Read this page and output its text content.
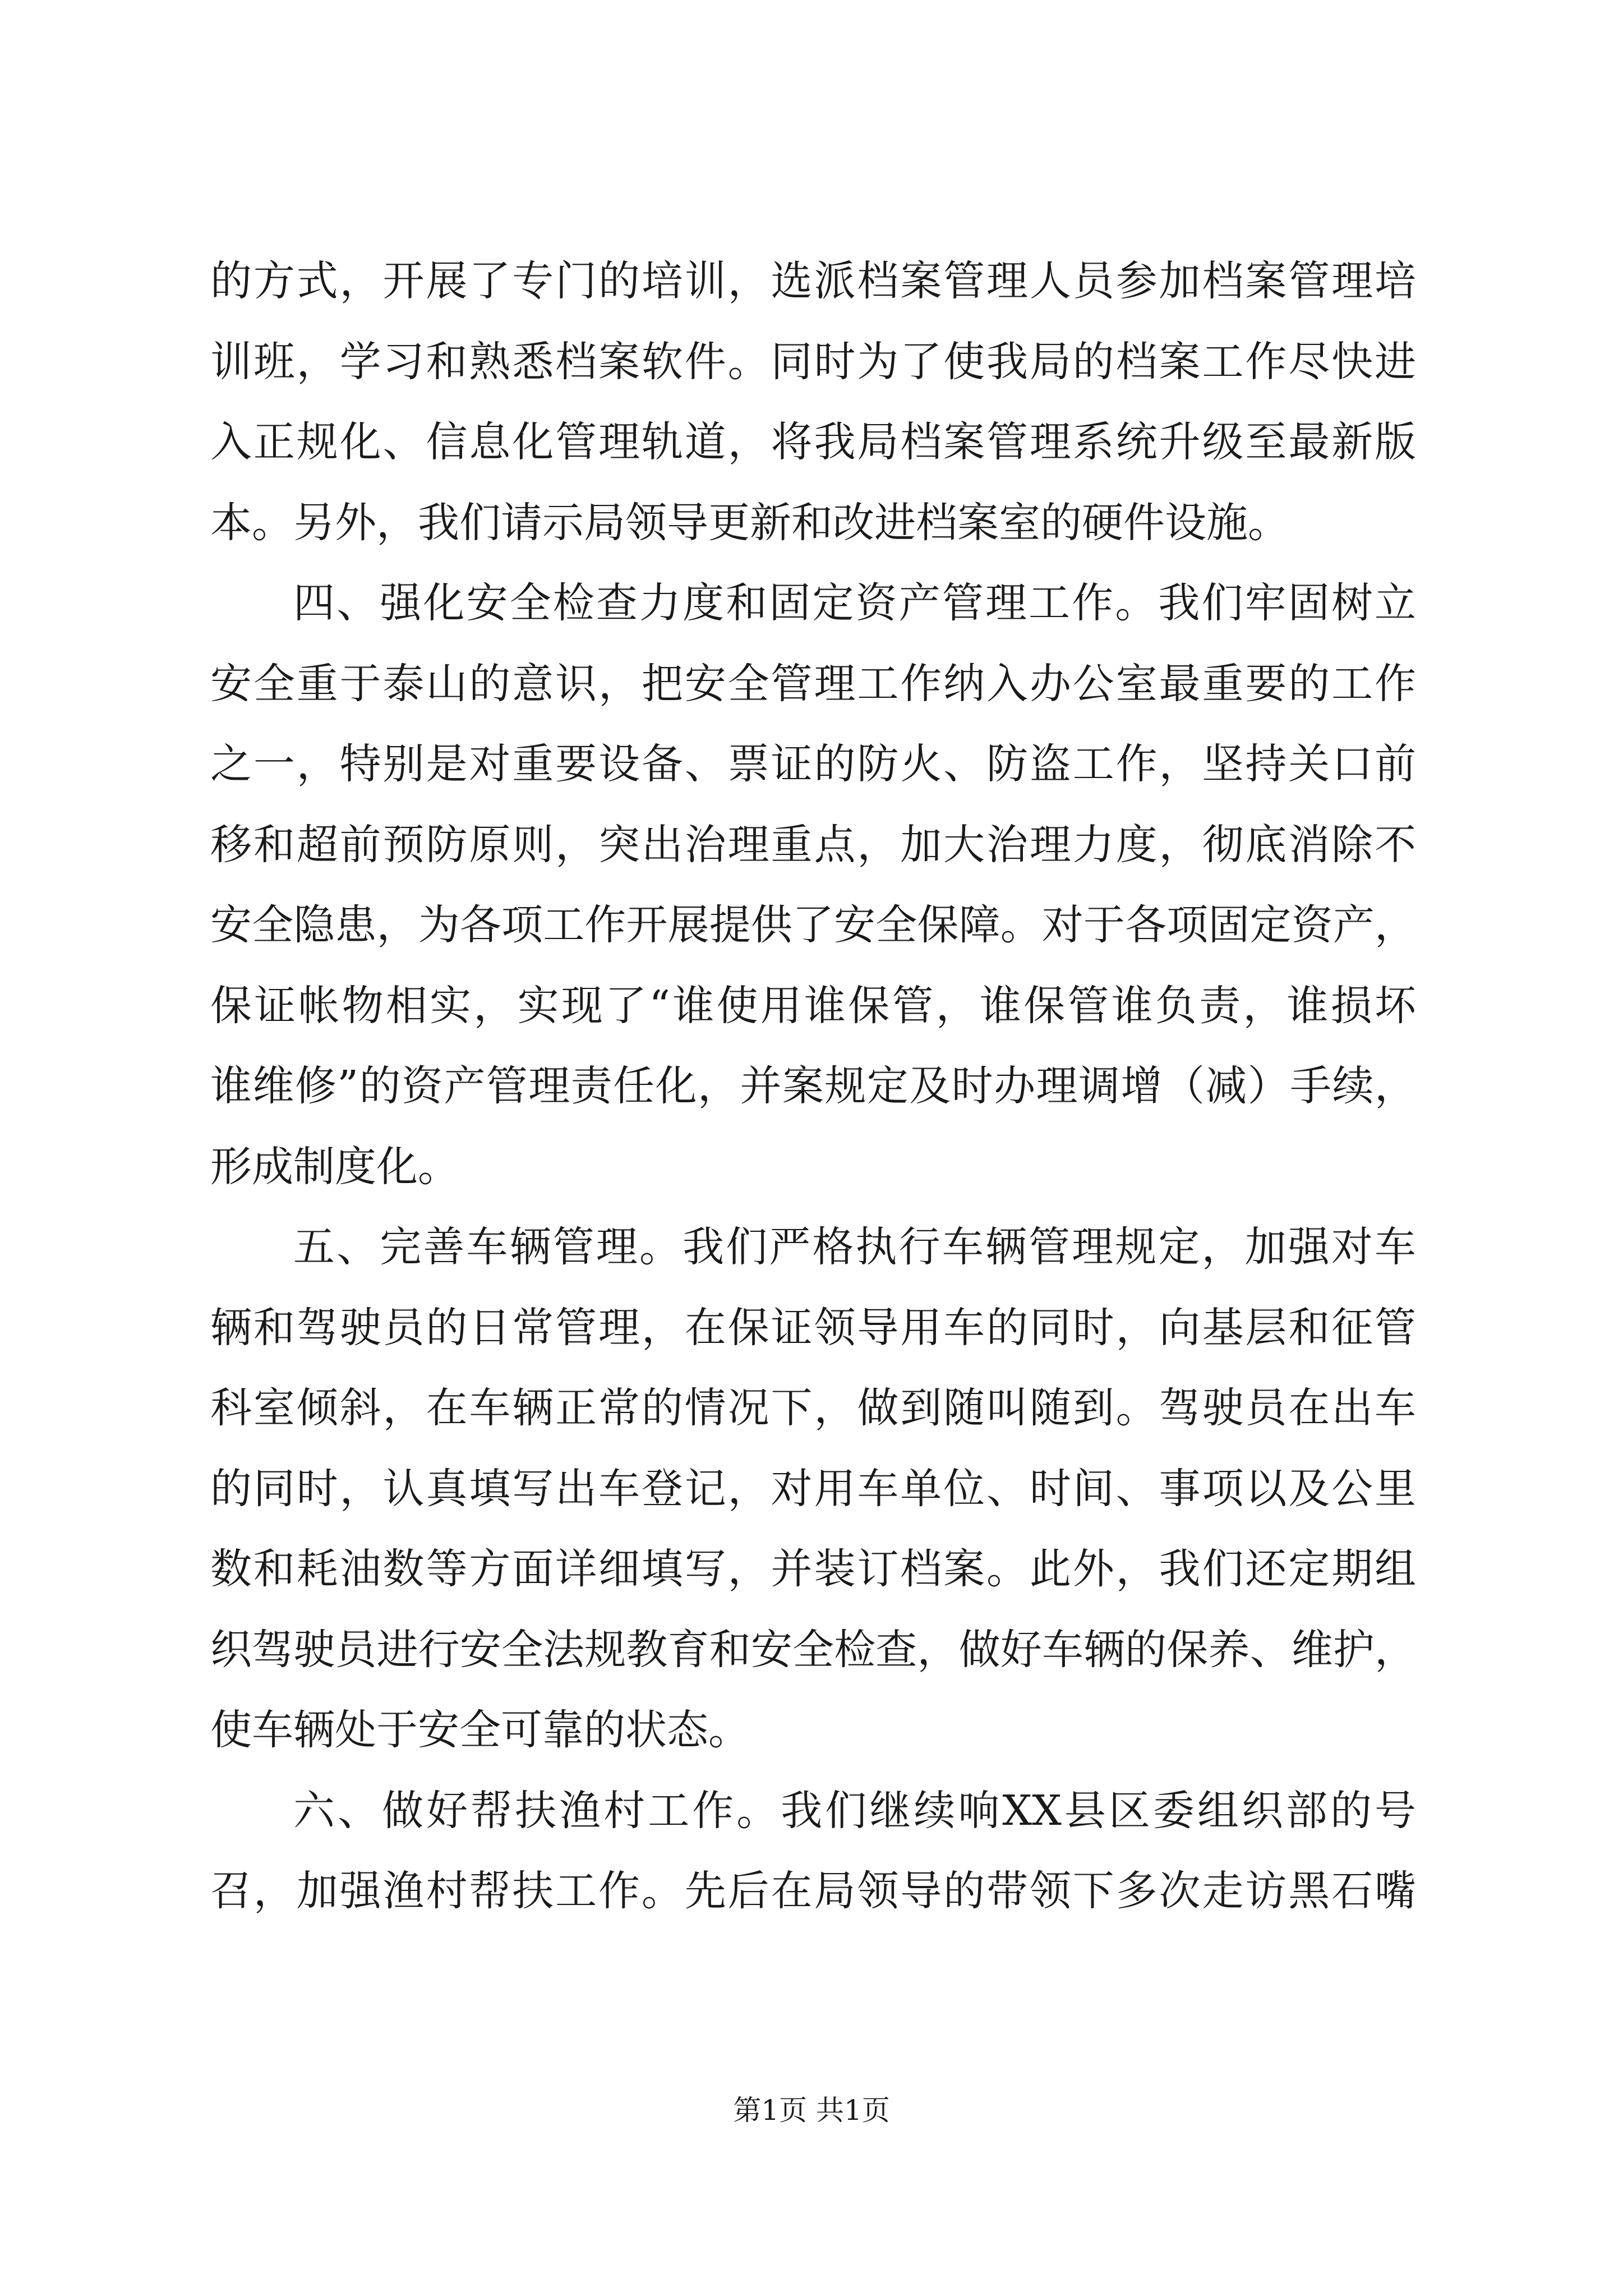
的方式，开展了专门的培训，选派档案管理人员参加档案管理培
训班，学习和熟悉档案软件。同时为了使我局的档案工作尽快进
入正规化、信息化管理轨道，将我局档案管理系统升级至最新版
本。另外，我们请示局领导更新和改进档案室的硬件设施。
四、强化安全检查力度和固定资产管理工作。我们牢固树立
安全重于泰山的意识，把安全管理工作纳入办公室最重要的工作
之一，特别是对重要设备、票证的防火、防盗工作，坚持关口前
移和超前预防原则，突出治理重点，加大治理力度，彻底消除不
安全隐患，为各项工作开展提供了安全保障。对于各项固定资产，
保证帐物相实，实现了“谁使用谁保管，谁保管谁负责，谁损坏
谁维修”的资产管理责任化，并案规定及时办理调增（减）手续，
形成制度化。
五、完善车辆管理。我们严格执行车辆管理规定，加强对车
辆和驾驶员的日常管理，在保证领导用车的同时，向基层和征管
科室倾斜，在车辆正常的情况下，做到随叫随到。驾驶员在出车
的同时，认真填写出车登记，对用车单位、时间、事项以及公里
数和耗油数等方面详细填写，并装订档案。此外，我们还定期组
织驾驶员进行安全法规教育和安全检查，做好车辆的保养、维护，
使车辆处于安全可靠的状态。
六、做好帮扶渔村工作。我们继续响XX县区委组织部的号
召，加强渔村帮扶工作。先后在局领导的带领下多次走访黑石嘴
第1页 共1页
